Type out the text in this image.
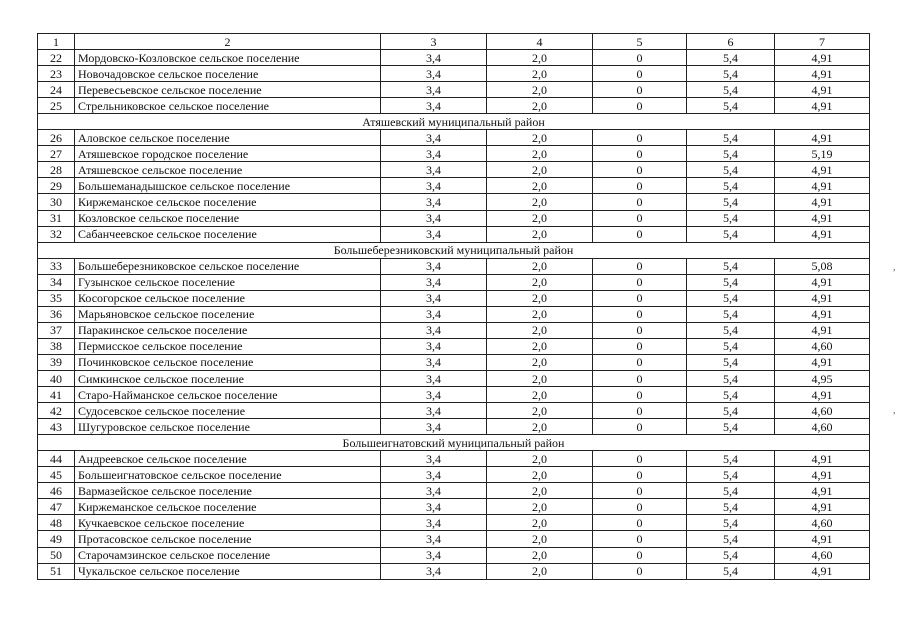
1	2	3	4	5	6	7
22	Мордовско-Козловское сельское поселение	3,4	2,0	0	5,4	4,91
23	Новочадовское сельское поселение	3,4	2,0	0	5,4	4,91
24	Перевесьевское сельское поселение	3,4	2,0	0	5,4	4,91
25	Стрельниковское сельское поселение	3,4	2,0	0	5,4	4,91
Атяшевский муниципальный район						
26	Аловское сельское поселение	3,4	2,0	0	5,4	4,91
27	Атяшевское городское поселение	3,4	2,0	0	5,4	5,19
28	Атяшевское сельское поселение	3,4	2,0	0	5,4	4,91
29	Большеманадышское сельское поселение	3,4	2,0	0	5,4	4,91
30	Киржеманское сельское поселение	3,4	2,0	0	5,4	4,91
31	Козловское сельское поселение	3,4	2,0	0	5,4	4,91
32	Сабанчеевское сельское поселение	3,4	2,0	0	5,4	4,91
Большеберезниковский муниципальный район						
33	Большеберезниковское сельское поселение	3,4	2,0	0	5,4	5,08
34	Гузынское сельское поселение	3,4	2,0	0	5,4	4,91
35	Косогорское сельское поселение	3,4	2,0	0	5,4	4,91
36	Марьяновское сельское поселение	3,4	2,0	0	5,4	4,91
37	Паракинское сельское поселение	3,4	2,0	0	5,4	4,91
38	Пермисское сельское поселение	3,4	2,0	0	5,4	4,60
39	Починковское сельское поселение	3,4	2,0	0	5,4	4,91
40	Симкинское сельское поселение	3,4	2,0	0	5,4	4,95
41	Старо-Найманское сельское поселение	3,4	2,0	0	5,4	4,91
42	Судосевское сельское поселение	3,4	2,0	0	5,4	4,60
43	Шугуровское сельское поселение	3,4	2,0	0	5,4	4,60
Большеигнатовский муниципальный район						
44	Андреевское сельское поселение	3,4	2,0	0	5,4	4,91
45	Большеигнатовское сельское поселение	3,4	2,0	0	5,4	4,91
46	Вармазейское сельское поселение	3,4	2,0	0	5,4	4,91
47	Киржеманское сельское поселение	3,4	2,0	0	5,4	4,91
48	Кучкаевское сельское поселение	3,4	2,0	0	5,4	4,60
49	Протасовское сельское поселение	3,4	2,0	0	5,4	4,91
50	Старочамзинское сельское поселение	3,4	2,0	0	5,4	4,60
51	Чукальское сельское поселение	3,4	2,0	0	5,4	4,91
,
,
